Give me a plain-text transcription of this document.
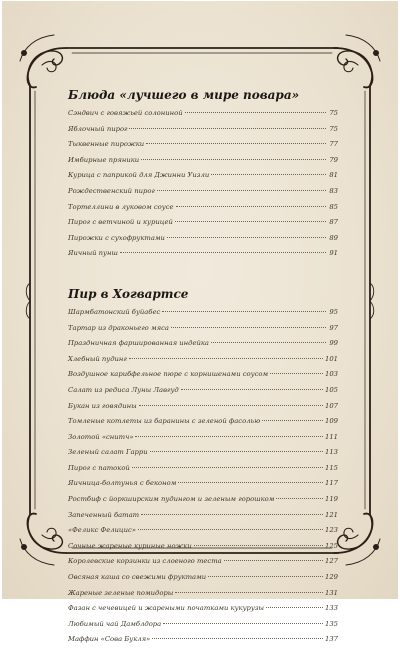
Блюда «лучшего в мире повара»
Сэндвич с говяжьей солониной	75
Яблочный пирог	75
Тыквенные пирожки	77
Имбирные пряники	79
Курица с паприкой для Джинни Уизли	81
Рождественский пирог	83
Тортеллини в луковом соусе	85
Пирог с ветчиной и курицей	87
Пирожки с сухофруктами	89
Яичный пунш	91
Пир в Хогвартсе
Шармбатонский буйабес	95
Тартар из драконьего мяса	97
Праздничная фаршированная индейка	99
Хлебный пудинг	101
Воздушное карибфельное пюре с корнишенами соусом	103
Салат из редиса Луны Лавгуд	105
Букан из говядины	107
Томленые котлеты из баранины с зеленой фасолью	109
Золотой «снитч»	111
Зеленый салат Гарри	113
Пирог с патокой	115
Яичница-болтунья с беконом	117
Ростбиф с йоркширским пудингом и зеленым горошком	119
Запеченный батат	121
«Феликс Фелицис»	123
Сочные жареные куриные ножки	125
Королевские корзинки из слоеного теста	127
Овсяная каша со свежими фруктами	129
Жареные зеленые помидоры	131
Фазан с чечевицей и жареными початками кукурузы	133
Любимый чай Дамблдора	135
Маффин «Сова Букля»	137
